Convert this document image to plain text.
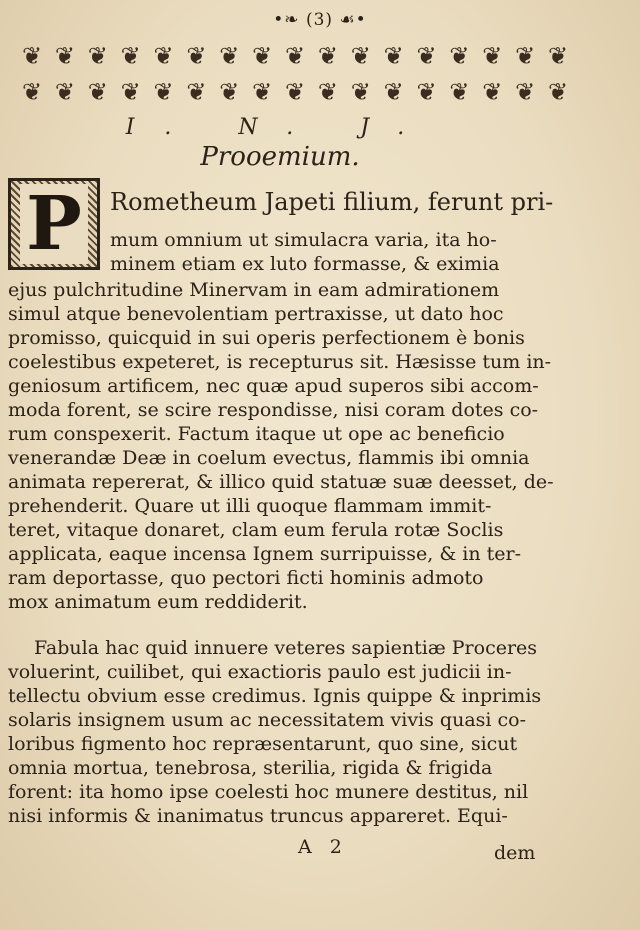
•❧ (3) ☙•
❦ ❦ ❦ ❦ ❦ ❦ ❦ ❦ ❦ ❦ ❦ ❦ ❦ ❦ ❦ ❦ ❦
❦ ❦ ❦ ❦ ❦ ❦ ❦ ❦ ❦ ❦ ❦ ❦ ❦ ❦ ❦ ❦ ❦
I. N. J.
Prooemium.
P Rometheum Japeti filium, ferunt pri-
mum omnium ut simulacra varia, ita ho-
minem etiam ex luto formasse, & eximia
ejus pulchritudine Minervam in eam admirationem
simul atque benevolentiam pertraxisse, ut dato hoc
promisso, quicquid in sui operis perfectionem è bonis
coelestibus expeteret, is recepturus sit. Hæsisse tum in-
geniosum artificem, nec quæ apud superos sibi accom-
moda forent, se scire respondisse, nisi coram dotes co-
rum conspexerit. Factum itaque ut ope ac beneficio
venerandæ Deæ in coelum evectus, flammis ibi omnia
animata repererat, & illico quid statuæ suæ deesset, de-
prehenderit. Quare ut illi quoque flammam immit-
teret, vitaque donaret, clam eum ferula rotæ Soclis
applicata, eaque incensa Ignem surripuisse, & in ter-
ram deportasse, quo pectori ficti hominis admoto
mox animatum eum reddiderit.
Fabula hac quid innuere veteres sapientiæ Proceres
voluerint, cuilibet, qui exactioris paulo est judicii in-
tellectu obvium esse credimus. Ignis quippe & inprimis
solaris insignem usum ac necessitatem vivis quasi co-
loribus figmento hoc repræsentarunt, quo sine, sicut
omnia mortua, tenebrosa, sterilia, rigida & frigida
forent: ita homo ipse coelesti hoc munere destitus, nil
nisi informis & inanimatus truncus appareret. Equi-
A 2	dem
